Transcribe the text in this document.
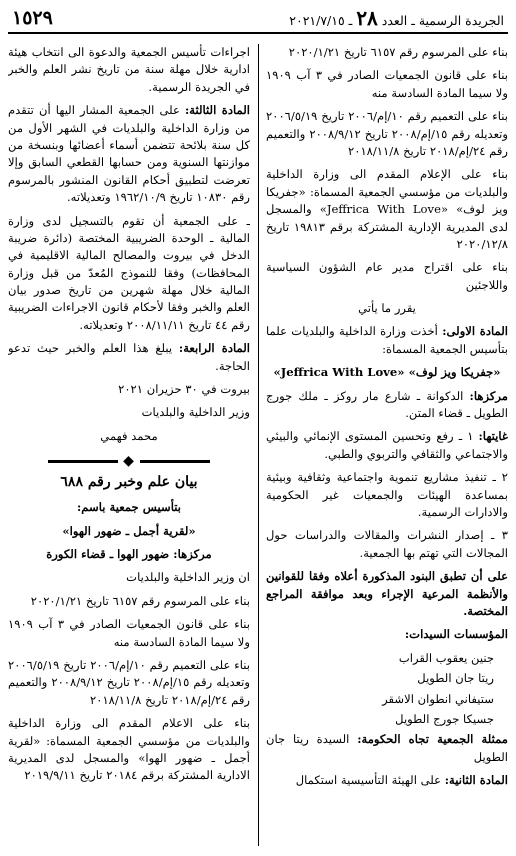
الجريدة الرسمية ـ العدد ٢٨ ـ ٢٠٢١/٧/١٥
١٥٢٩

بناء على المرسوم رقم ٦١٥٧ تاريخ ٢٠٢٠/١/٢١

بناء على قانون الجمعيات الصادر في ٣ آب ١٩٠٩ ولا سيما المادة السادسة منه

بناء على التعميم رقم ١٠/إم/٢٠٠٦ تاريخ ٢٠٠٦/٥/١٩ وتعديله رقم ١٥/إم/٢٠٠٨ تاريخ ٢٠٠٨/٩/١٢ والتعميم رقم ٢٤/إم/٢٠١٨ تاريخ ٢٠١٨/١١/٨

بناء على الإعلام المقدم الى وزارة الداخلية والبلديات من مؤسسي الجمعية المسماة: «جفريكا ويز لوف» «Jeffrica With Love» والمسجل لدى المديرية الإدارية المشتركة برقم ١٩٨١٣ تاريخ ٢٠٢٠/١٢/٨

بناء على اقتراح مدير عام الشؤون السياسية واللاجئين

يقرر ما يأتي

المادة الاولى: أخذت وزارة الداخلية والبلديات علما بتأسيس الجمعية المسماة:

«جفريكا ويز لوف» «Jeffrica With Love»

مركزها: الدكوانة ـ شارع مار روكز ـ ملك جورج الطويل ـ قضاء المتن.

غايتها: ١ ـ رفع وتحسين المستوى الإنمائي والبيئي والاجتماعي والثقافي والتربوي والطبي.

٢ ـ تنفيذ مشاريع تنموية واجتماعية وثقافية وبيئية بمساعدة الهيئات والجمعيات غير الحكومية والادارات الرسمية.

٣ ـ إصدار النشرات والمقالات والدراسات حول المجالات التي تهتم بها الجمعية.

على أن تطبق البنود المذكورة أعلاه وفقا للقوانين والأنظمة المرعية الإجراء وبعد موافقة المراجع المختصة.

المؤسسات السيدات:

جنين يعقوب القراب

ريتا جان الطويل

ستيفاني انطوان الاشقر

جسيكا جورج الطويل

ممثلة الجمعية تجاه الحكومة: السيدة ريتا جان الطويل

المادة الثانية: على الهيئة التأسيسية استكمال

اجراءات تأسيس الجمعية والدعوة الى انتخاب هيئة ادارية خلال مهلة سنة من تاريخ نشر العلم والخبر في الجريدة الرسمية.

المادة الثالثة: على الجمعية المشار اليها أن تتقدم من وزارة الداخلية والبلديات في الشهر الأول من كل سنة بلائحة تتضمن أسماء أعضائها وبنسخة من موازنتها السنوية ومن حسابها القطعي السابق وإلا تعرضت لتطبيق أحكام القانون المنشور بالمرسوم رقم ١٠٨٣٠ تاريخ ١٩٦٢/١٠/٩ وتعديلاته.

ـ على الجمعية أن تقوم بالتسجيل لدى وزارة المالية ـ الوحدة الضريبية المختصة (دائرة ضريبة الدخل في بيروت والمصالح المالية الاقليمية في المحافظات) وفقا للنموذج المُعدّ من قبل وزارة المالية خلال مهلة شهرين من تاريخ صدور بيان العلم والخبر وفقا لأحكام قانون الاجراءات الضريبية رقم ٤٤ تاريخ ٢٠٠٨/١١/١١ وتعديلاته.

المادة الرابعة: يبلغ هذا العلم والخبر حيث تدعو الحاجة.

بيروت في ٣٠ حزيران ٢٠٢١

وزير الداخلية والبلديات

محمد فهمي

◆

بيان علم وخبر رقم ٦٨٨

بتأسيس جمعية باسم:

«لقرية أجمل ـ ضهور الهوا»

مركزها: ضهور الهوا ـ قضاء الكورة

ان وزير الداخلية والبلديات

بناء على المرسوم رقم ٦١٥٧ تاريخ ٢٠٢٠/١/٢١

بناء على قانون الجمعيات الصادر في ٣ آب ١٩٠٩ ولا سيما المادة السادسة منه

بناء على التعميم رقم ١٠/إم/٢٠٠٦ تاريخ ٢٠٠٦/٥/١٩ وتعديله رقم ١٥/إم/٢٠٠٨ تاريخ ٢٠٠٨/٩/١٢ والتعميم رقم ٢٤/إم/٢٠١٨ تاريخ ٢٠١٨/١١/٨

بناء على الاعلام المقدم الى وزارة الداخلية والبلديات من مؤسسي الجمعية المسماة: «لقرية أجمل ـ ضهور الهوا» والمسجل لدى المديرية الادارية المشتركة برقم ٢٠١٨٤ تاريخ ٢٠١٩/٩/١١
